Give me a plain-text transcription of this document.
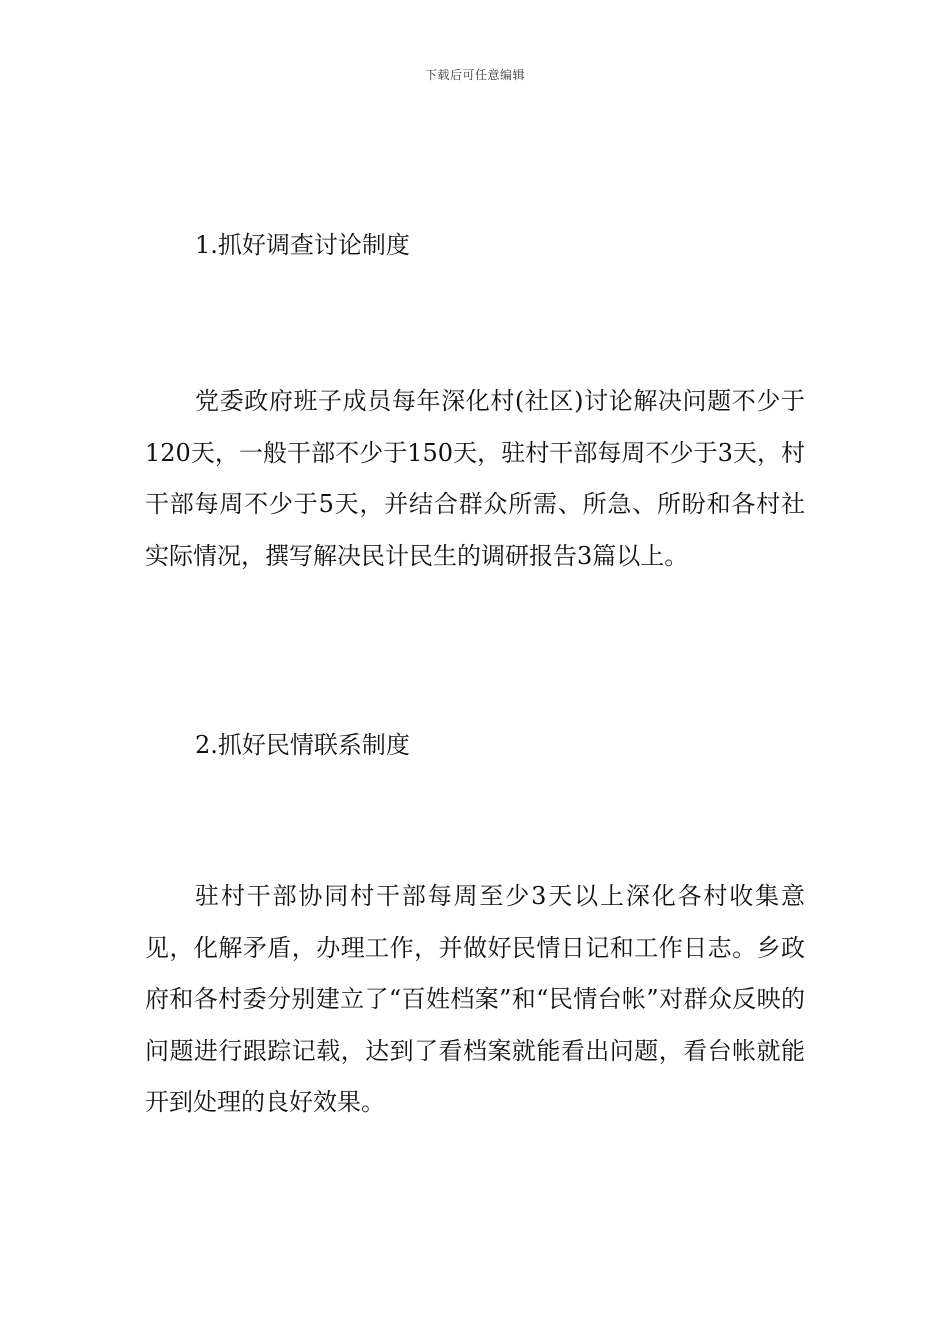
下载后可任意编辑
1.抓好调查讨论制度

党委政府班子成员每年深化村(社区)讨论解决问题不少于120天，一般干部不少于150天，驻村干部每周不少于3天，村干部每周不少于5天，并结合群众所需、所急、所盼和各村社实际情况，撰写解决民计民生的调研报告3篇以上。

2.抓好民情联系制度

驻村干部协同村干部每周至少3天以上深化各村收集意见，化解矛盾，办理工作，并做好民情日记和工作日志。乡政府和各村委分别建立了“百姓档案”和“民情台帐”对群众反映的问题进行跟踪记载，达到了看档案就能看出问题，看台帐就能开到处理的良好效果。
